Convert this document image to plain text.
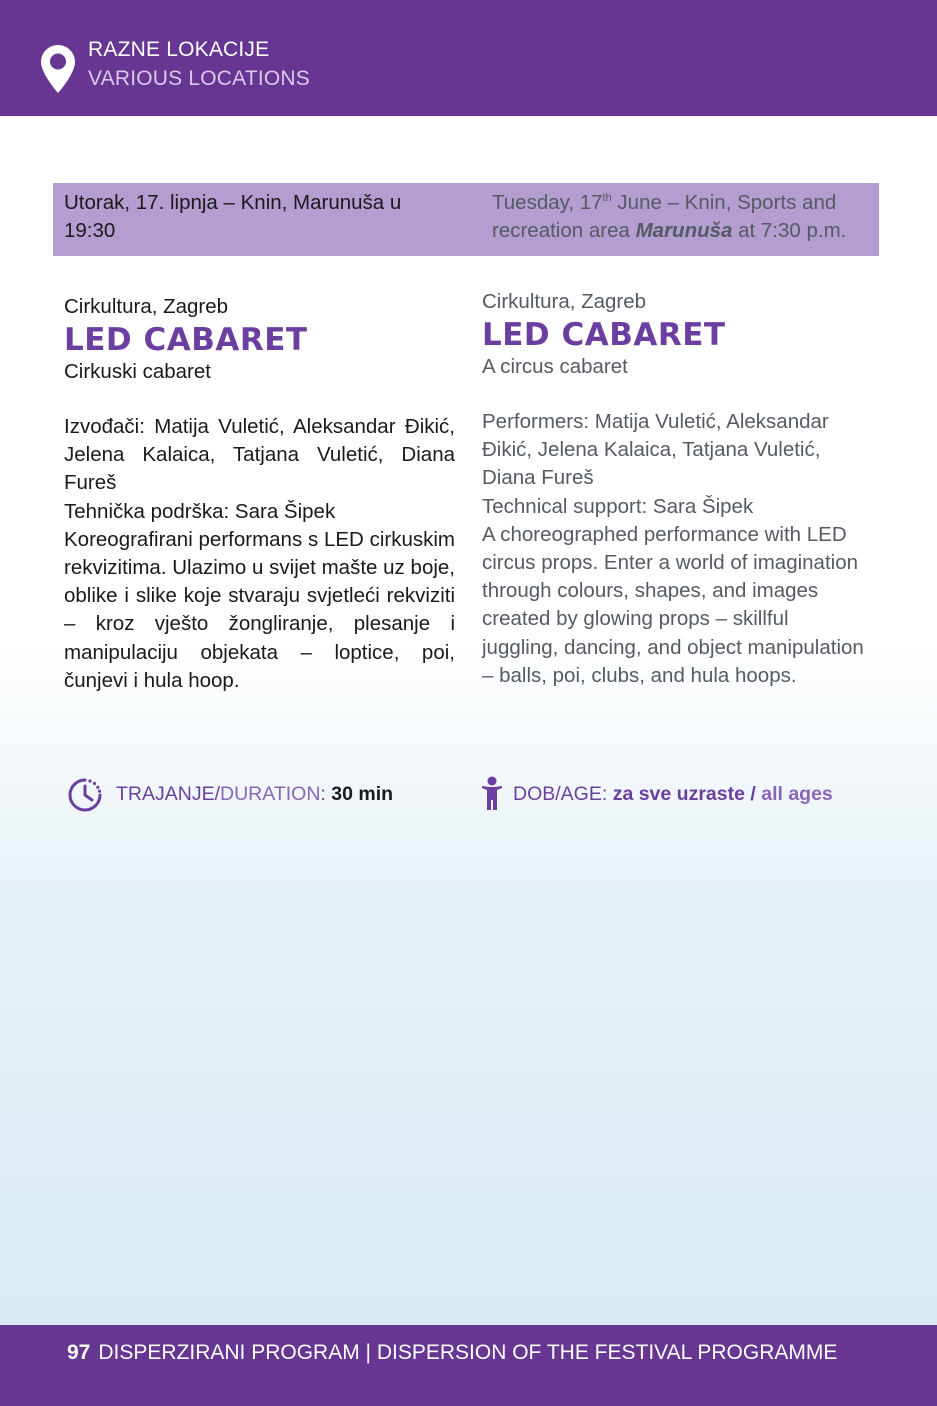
RAZNE LOKACIJE
VARIOUS LOCATIONS
Utorak, 17. lipnja – Knin, Marunuša u 19:30
Tuesday, 17th June – Knin, Sports and recreation area Marunuša at 7:30 p.m.
Cirkultura, Zagreb
LED CABARET
Cirkuski cabaret

Izvođači: Matija Vuletić, Aleksandar Đikić, Jelena Kalaica, Tatjana Vuletić, Diana Fureš

Tehnička podrška: Sara Šipek

Koreografirani performans s LED cirkuskim rekvizitima. Ulazimo u svijet mašte uz boje, oblike i slike koje stvaraju svjetleći rekviziti – kroz vješto žongliranje, plesanje i manipulaciju objekata – loptice, poi, čunjevi i hula hoop.

Cirkultura, Zagreb
LED CABARET
A circus cabaret

Performers: Matija Vuletić, Aleksandar Đikić, Jelena Kalaica, Tatjana Vuletić, Diana Fureš

Technical support: Sara Šipek

A choreographed performance with LED circus props. Enter a world of imagination through colours, shapes, and images created by glowing props – skillful juggling, dancing, and object manipulation – balls, poi, clubs, and hula hoops.

TRAJANJE/DURATION: 30 min	DOB/AGE: za sve uzraste / all ages
97 DISPERZIRANI PROGRAM | DISPERSION OF THE FESTIVAL PROGRAMME
